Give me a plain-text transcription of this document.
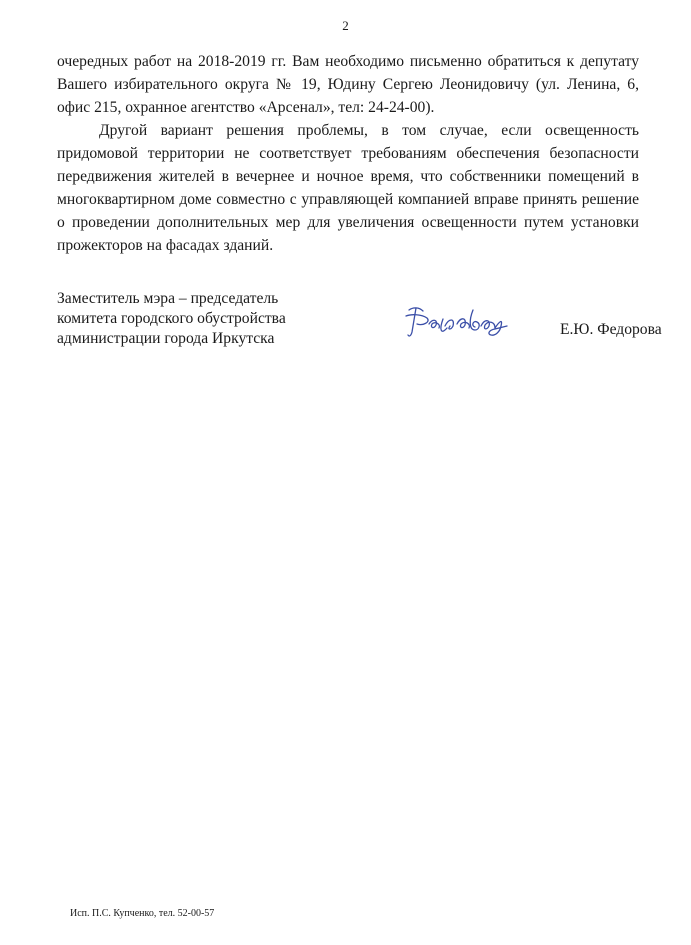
2

очередных работ на 2018-2019 гг. Вам необходимо письменно обратиться к депутату Вашего избирательного округа № 19, Юдину Сергею Леонидовичу (ул. Ленина, 6, офис 215, охранное агентство «Арсенал», тел: 24-24-00).

Другой вариант решения проблемы, в том случае, если освещенность придомовой территории не соответствует требованиям обеспечения безопасности передвижения жителей в вечернее и ночное время, что собственники помещений в многоквартирном доме совместно с управляющей компанией вправе принять решение о проведении дополнительных мер для увеличения освещенности путем установки прожекторов на фасадах зданий.

Заместитель мэра – председатель
комитета городского обустройства
администрации города Иркутска
Е.Ю. Федорова
Исп. П.С. Купченко, тел. 52-00-57
